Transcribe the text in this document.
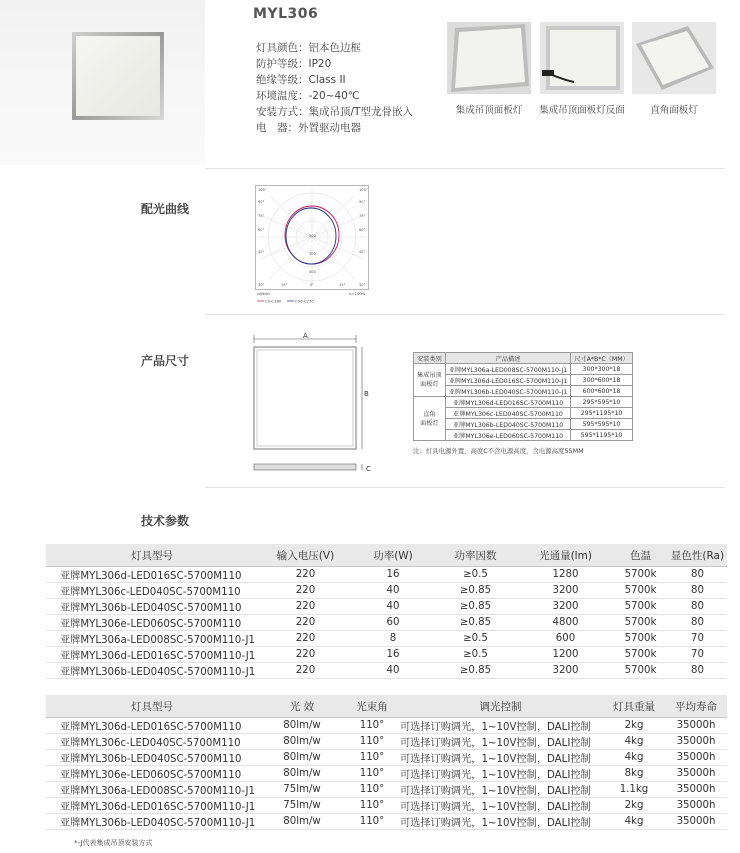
MYL306
灯具颜色：铝本色边框
防护等级：IP20
绝缘等级：Class II
环境温度：-20~40℃
安装方式：集成吊顶/T型龙骨嵌入
电　器：外置驱动电器
集成吊顶面板灯	集成吊顶面板灯反面	直角面板灯
配光曲线
105°
90°
75°
60°
45°
30°	15°	0°	15°	30°
105°
90°
75°
60°
45°
200
300
400
cd/klm	η=100%
C0-C180	C90-C270
产品尺寸
A
B
C
安装类别	产品描述	尺寸A*B*C（MM）
集成吊顶
面板灯	亚牌MYL306a-LED008SC-5700M110-J1	300*300*18
	亚牌MYL306d-LED016SC-5700M110-J1	300*600*18
	亚牌MYL306b-LED040SC-5700M110-J1	600*600*18
直角
面板灯	亚牌MYL306d-LED016SC-5700M110	295*595*10
	亚牌MYL306c-LED040SC-5700M110	295*1195*10
	亚牌MYL306b-LED040SC-5700M110	595*595*10
	亚牌MYL306e-LED060SC-5700M110	595*1195*10
注：灯具电源外置，高度C不含电源高度，含电源高度55MM
技术参数
灯具型号	输入电压(V)	功率(W)	功率因数	光通量(lm)	色温	显色性(Ra)
亚牌MYL306d-LED016SC-5700M110	220	16	≥0.5	1280	5700k	80
亚牌MYL306c-LED040SC-5700M110	220	40	≥0.85	3200	5700k	80
亚牌MYL306b-LED040SC-5700M110	220	40	≥0.85	3200	5700k	80
亚牌MYL306e-LED060SC-5700M110	220	60	≥0.85	4800	5700k	80
亚牌MYL306a-LED008SC-5700M110-J1	220	8	≥0.5	600	5700k	70
亚牌MYL306d-LED016SC-5700M110-J1	220	16	≥0.5	1200	5700k	70
亚牌MYL306b-LED040SC-5700M110-J1	220	40	≥0.85	3200	5700k	80
灯具型号	光 效	光束角	调光控制	灯具重量	平均寿命
亚牌MYL306d-LED016SC-5700M110	80lm/w	110°	可选择订购调光，1~10V控制，DALI控制	2kg	35000h
亚牌MYL306c-LED040SC-5700M110	80lm/w	110°	可选择订购调光，1~10V控制，DALI控制	4kg	35000h
亚牌MYL306b-LED040SC-5700M110	80lm/w	110°	可选择订购调光，1~10V控制，DALI控制	4kg	35000h
亚牌MYL306e-LED060SC-5700M110	80lm/w	110°	可选择订购调光，1~10V控制，DALI控制	8kg	35000h
亚牌MYL306a-LED008SC-5700M110-J1	75lm/w	110°	可选择订购调光，1~10V控制，DALI控制	1.1kg	35000h
亚牌MYL306d-LED016SC-5700M110-J1	75lm/w	110°	可选择订购调光，1~10V控制，DALI控制	2kg	35000h
亚牌MYL306b-LED040SC-5700M110-J1	80lm/w	110°	可选择订购调光，1~10V控制，DALI控制	4kg	35000h
*-J代表集成吊顶安装方式
